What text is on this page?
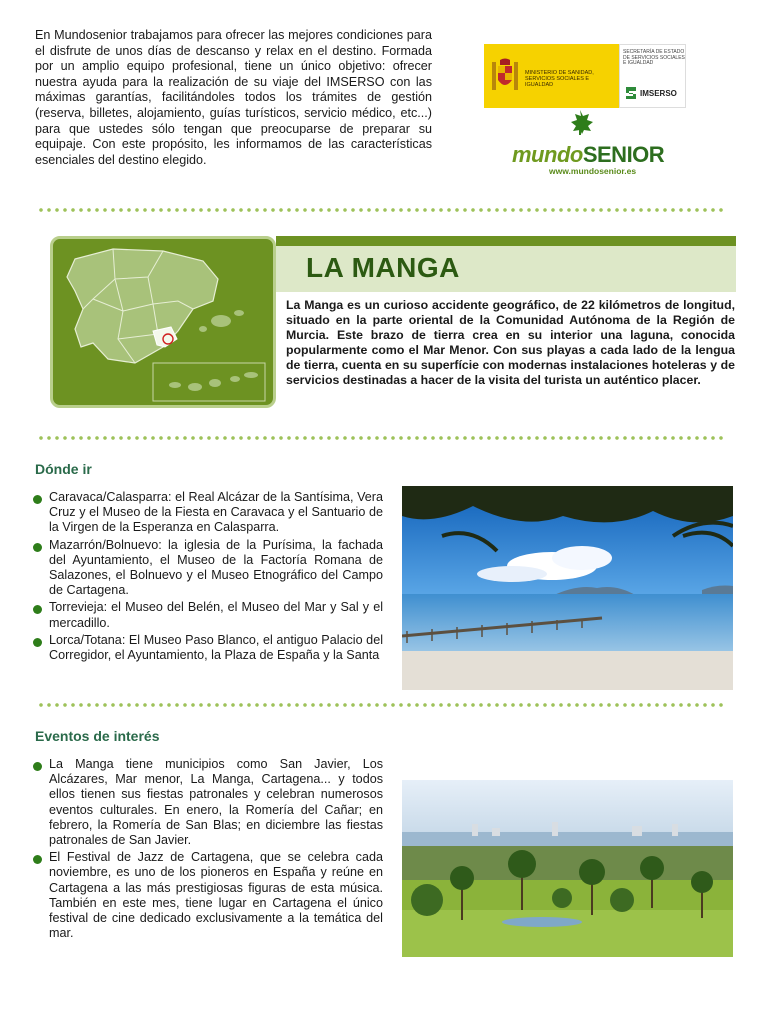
En Mundosenior trabajamos para ofrecer las mejores condiciones para el disfrute de unos días de descanso y relax en el destino. Formada por un amplio equipo profesional, tiene un único objetivo: ofrecer nuestra ayuda para la realización de su viaje del IMSERSO con las máximas garantías, facilitándoles todos los trámites de gestión (reserva, billetes, alojamiento, guías turísticos, servicio médico, etc...) para que ustedes sólo tengan que preocuparse de preparar su equipaje. Con este propósito, les informamos de las características esenciales del destino elegido.

MINISTERIO DE SANIDAD, SERVICIOS SOCIALES E IGUALDAD
SECRETARÍA DE ESTADO DE SERVICIOS SOCIALES E IGUALDAD
IMSERSO
mundoSENIOR
www.mundosenior.es
LA MANGA

La Manga es un curioso accidente geográfico, de 22 kilómetros de longitud, situado en la parte oriental de la Comunidad Autónoma de la Región de Murcia. Este brazo de tierra crea en su interior una laguna, conocida popularmente como el Mar Menor. Con sus playas a cada lado de la lengua de tierra, cuenta en su superfície con modernas instalaciones hoteleras y de servicios destinadas a hacer de la visita del turista un auténtico placer.

Dónde ir
Caravaca/Calasparra: el Real Alcázar de la Santísima, Vera Cruz y el Museo de la Fiesta en Caravaca y el Santuario de la Virgen de la Esperanza en Calasparra.
Mazarrón/Bolnuevo: la iglesia de la Purísima, la fachada del Ayuntamiento, el Museo de la Factoría Romana de Salazones, el Bolnuevo y el Museo Etnográfico del Campo de Cartagena.
Torrevieja: el Museo del Belén, el Museo del Mar y Sal y el mercadillo.
Lorca/Totana: El Museo Paso Blanco, el antiguo Palacio del Corregidor, el Ayuntamiento, la Plaza de España y la Santa
Eventos de interés
La Manga tiene municipios como San Javier, Los Alcázares, Mar menor, La Manga, Cartagena... y todos ellos tienen sus fiestas patronales y celebran numerosos eventos culturales. En enero, la Romería del Cañar; en febrero, la Romería de San Blas; en diciembre las fiestas patronales de San Javier.
El Festival de Jazz de Cartagena, que se celebra cada noviembre, es uno de los pioneros en España y reúne en Cartagena a las más prestigiosas figuras de esta música. También en este mes, tiene lugar en Cartagena el único festival de cine dedicado exclusivamente a la temática del mar.
